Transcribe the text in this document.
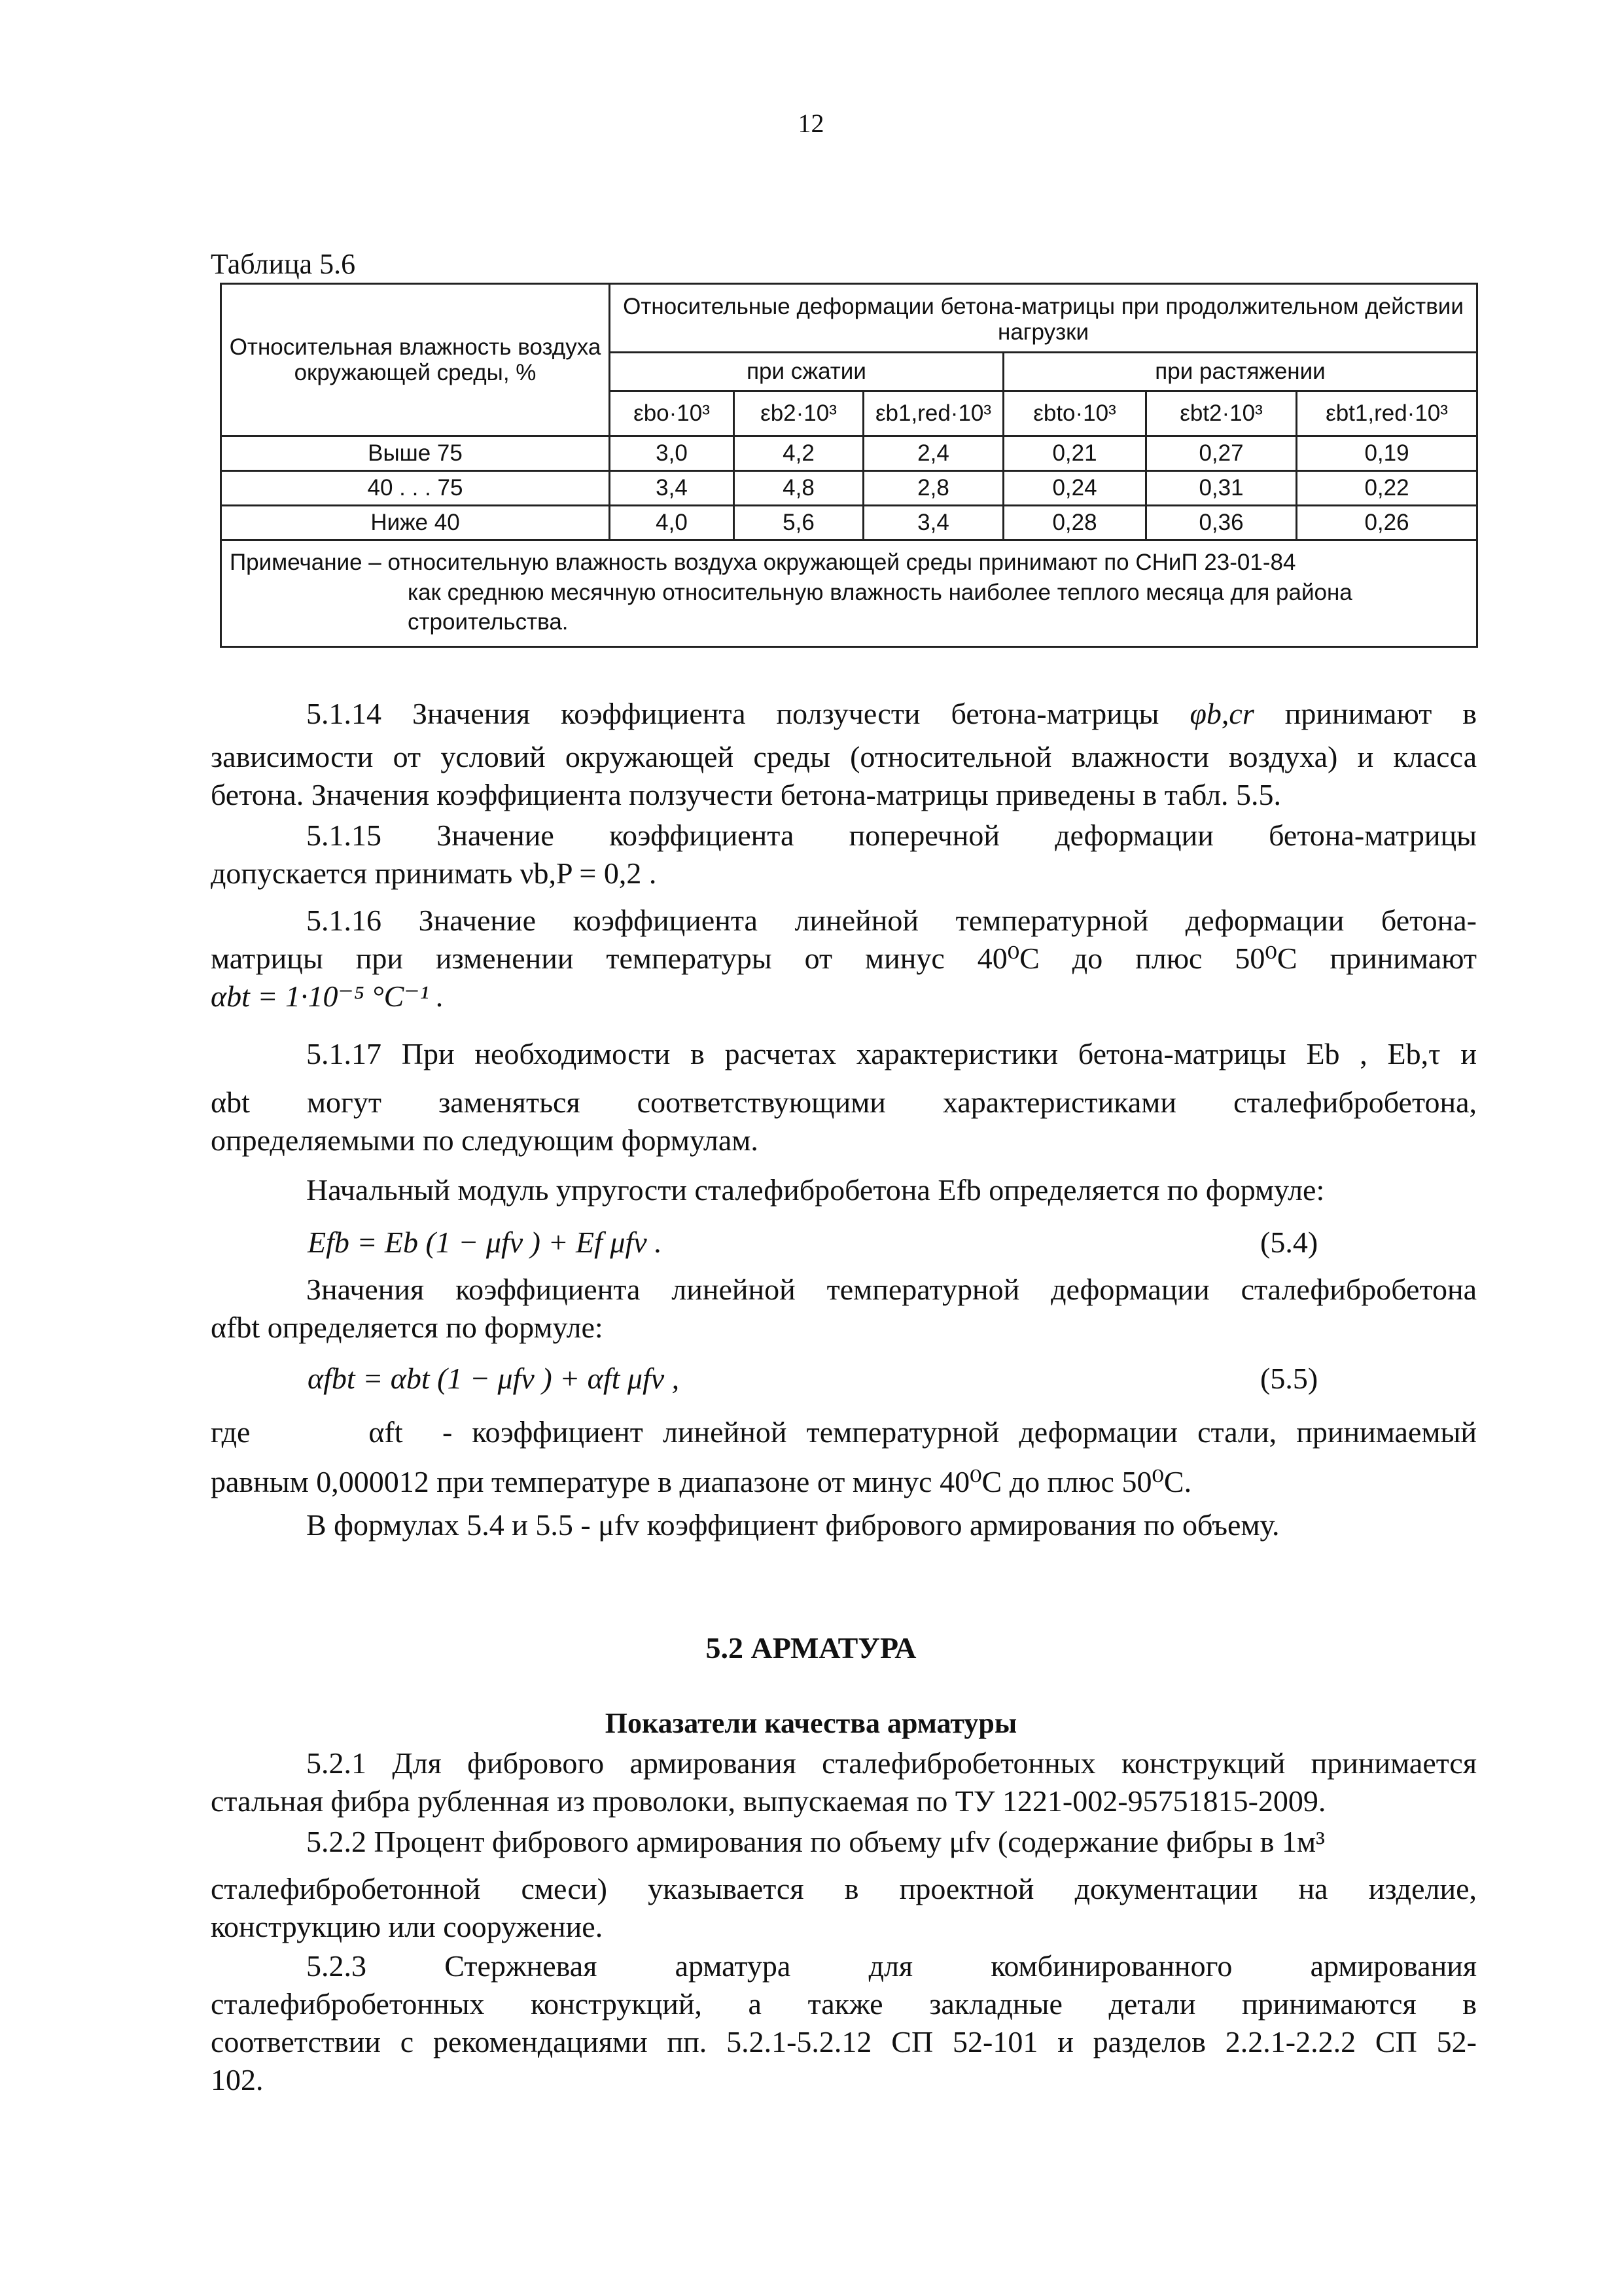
12
Таблица 5.6
Относительная влажность воздуха окружающей среды, %	Относительные деформации бетона-матрицы при продолжительном действии нагрузки					
	при сжатии			при растяжении		
	εbo·10³	εb2·10³	εb1,red·10³	εbto·10³	εbt2·10³	εbt1,red·10³
Выше 75	3,0	4,2	2,4	0,21	0,27	0,19
40 . . . 75	3,4	4,8	2,8	0,24	0,31	0,22
Ниже 40	4,0	5,6	3,4	0,28	0,36	0,26

Примечание – относительную влажность воздуха окружающей среды принимают по СНиП 23-01-84
как среднюю месячную относительную влажность наиболее теплого месяца для района
строительства.						
5.1.14 Значения коэффициента ползучести бетона-матрицы φb,cr принимают в
зависимости от условий окружающей среды (относительной влажности воздуха) и класса
бетона. Значения коэффициента ползучести бетона-матрицы приведены в табл. 5.5.
5.1.15 Значение коэффициента поперечной деформации бетона-матрицы
допускается принимать νb,P = 0,2 .
5.1.16 Значение коэффициента линейной температурной деформации бетона-
матрицы при изменении температуры от минус 40⁰С до плюс 50⁰С принимают
αbt = 1·10⁻⁵ °C⁻¹ .
5.1.17 При необходимости в расчетах характеристики бетона-матрицы Eb , Eb,τ и
αbt могут заменяться соответствующими характеристиками сталефибробетона,
определяемыми по следующим формулам.
Начальный модуль упругости сталефибробетона Efb определяется по формуле:
Efb = Eb (1 − μfv ) + Ef μfv .	(5.4)
Значения коэффициента линейной температурной деформации сталефибробетона
αfbt определяется по формуле:
αfbt = αbt (1 − μfv ) + αft μfv ,	(5.5)
где      αft  - коэффициент линейной температурной деформации стали, принимаемый
равным 0,000012 при температуре в диапазоне от минус 40⁰С до плюс 50⁰С.
В формулах 5.4 и 5.5 - μfv коэффициент фибрового армирования по объему.
5.2 АРМАТУРА
Показатели качества арматуры
5.2.1 Для фибрового армирования сталефибробетонных конструкций принимается
стальная фибра рубленная из проволоки, выпускаемая по ТУ 1221-002-95751815-2009.
5.2.2 Процент фибрового армирования по объему μfv (содержание фибры в 1м³
сталефибробетонной смеси) указывается в проектной документации на изделие,
конструкцию или сооружение.
5.2.3 Стержневая арматура для комбинированного армирования
сталефибробетонных конструкций, а также закладные детали принимаются в
соответствии с рекомендациями пп. 5.2.1-5.2.12 СП 52-101 и разделов 2.2.1-2.2.2 СП 52-
102.
